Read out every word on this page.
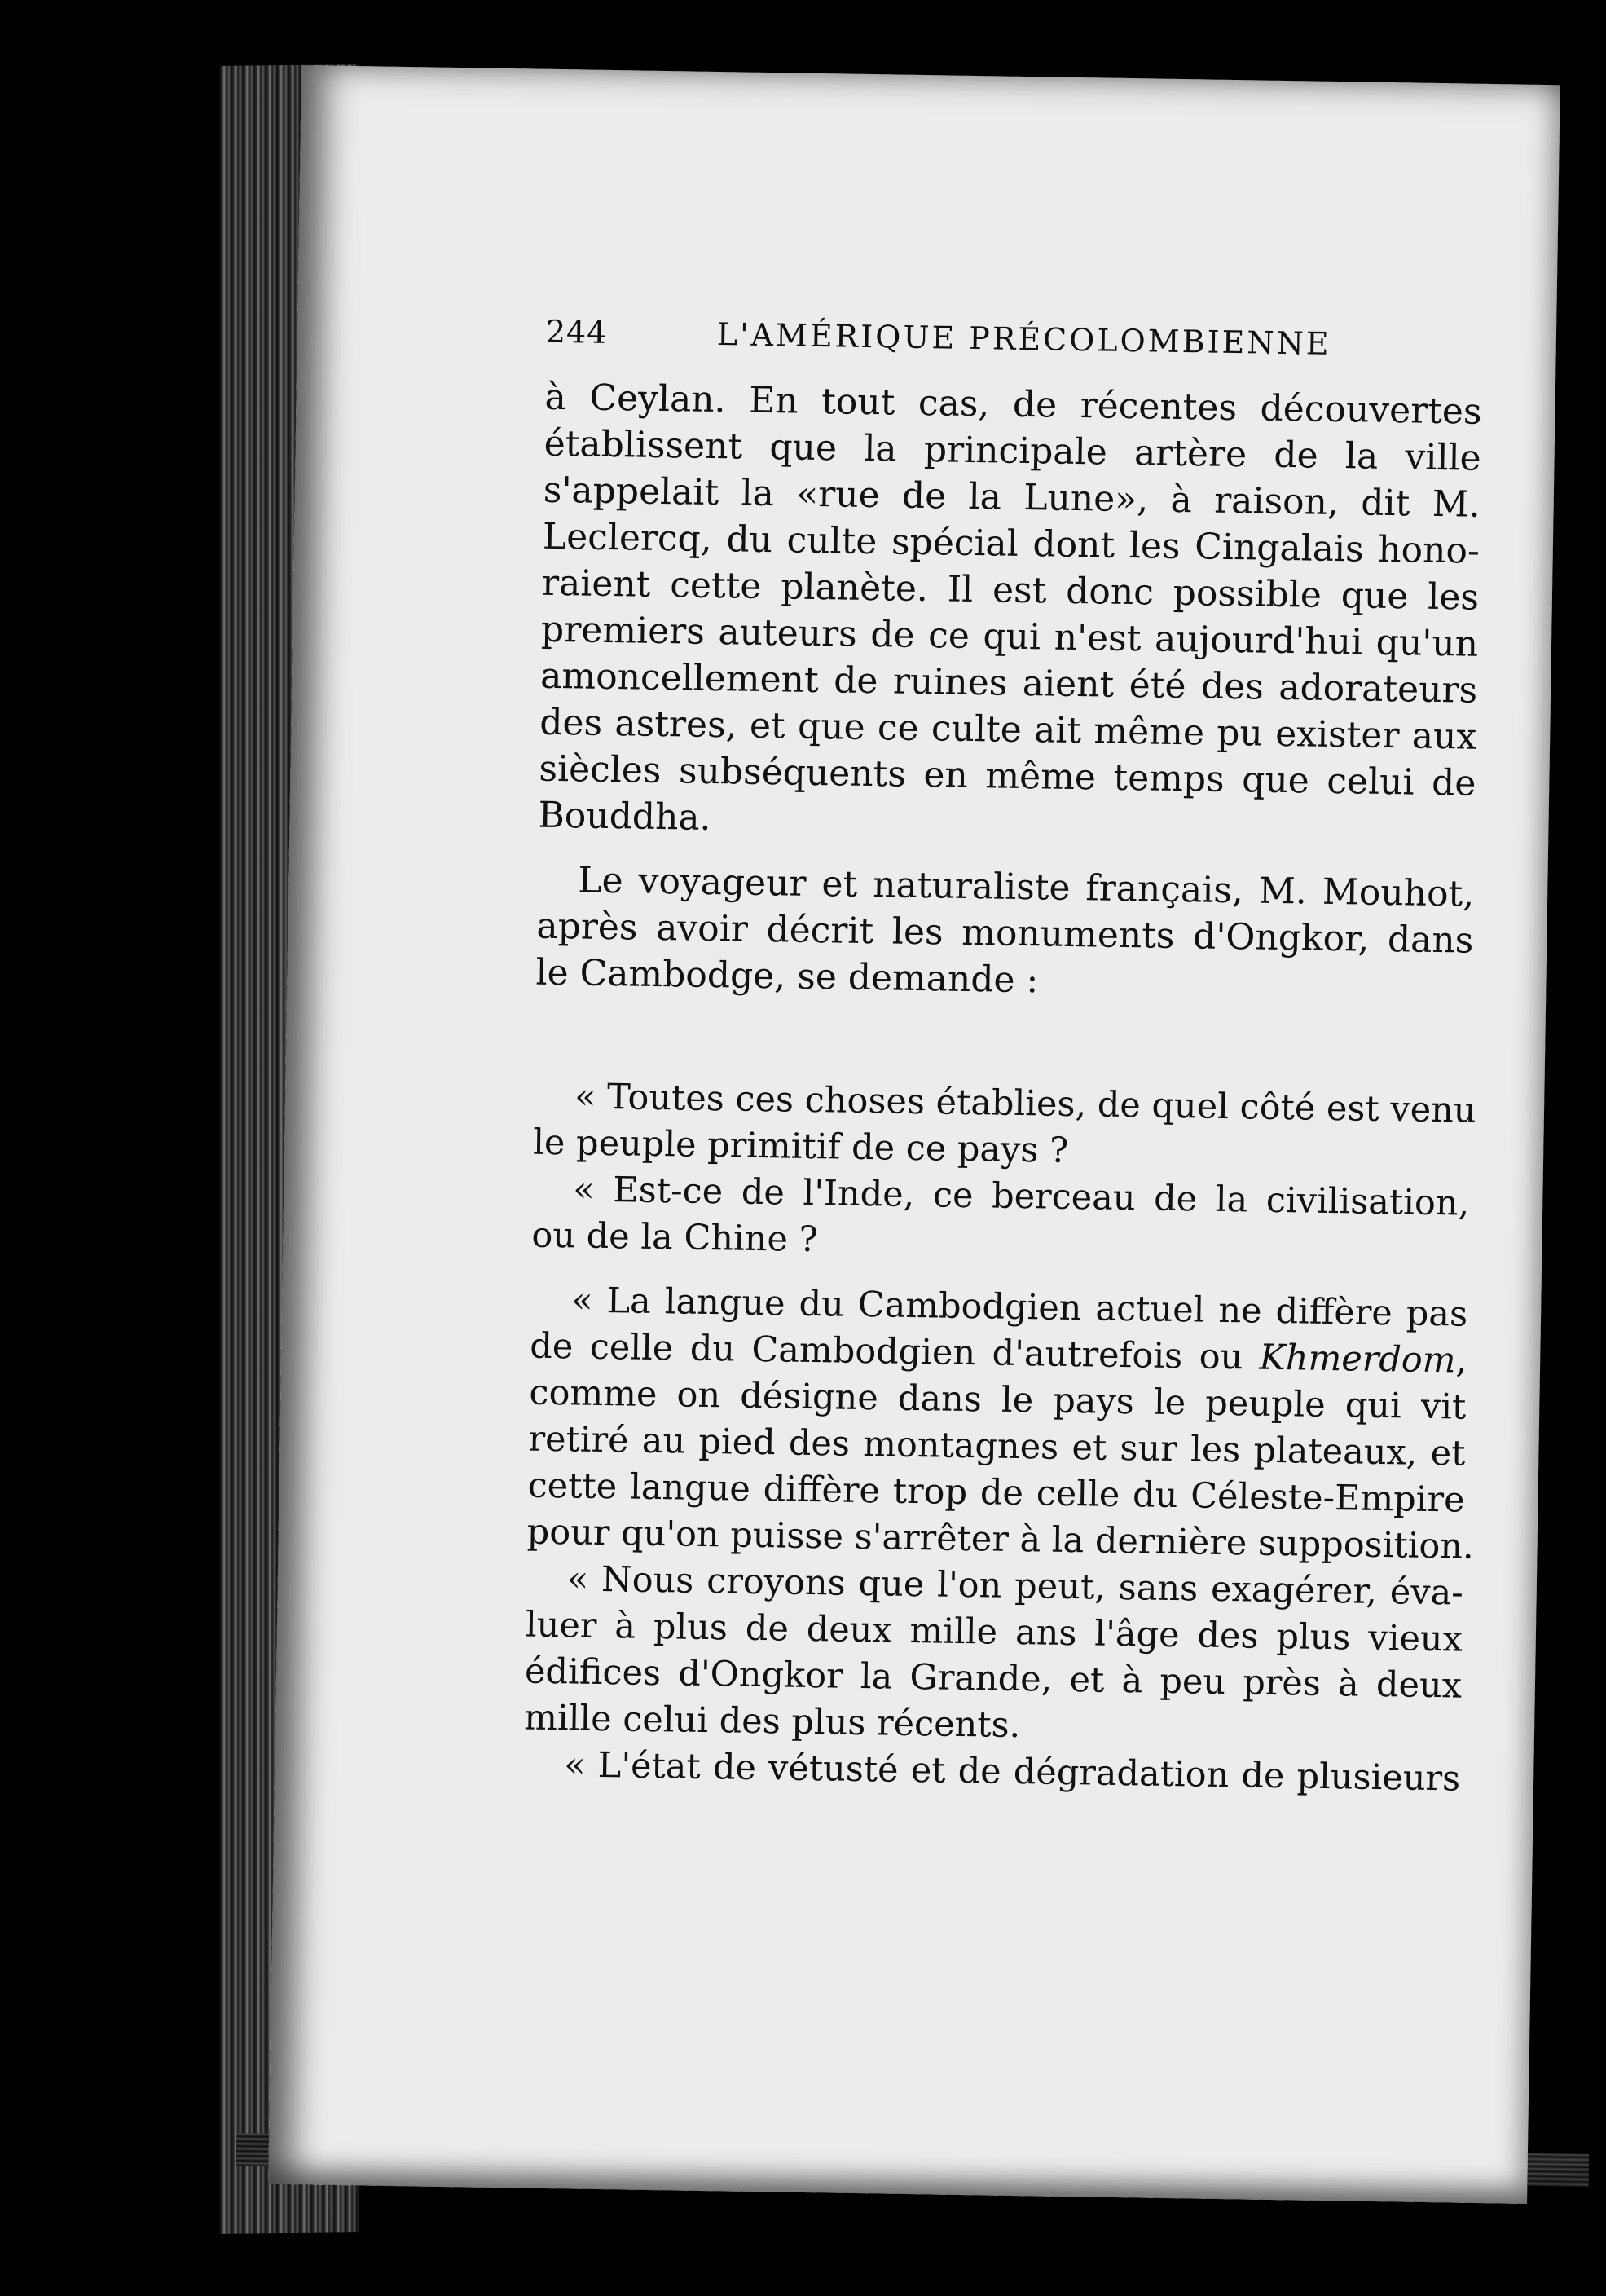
244	L'AMÉRIQUE PRÉCOLOMBIENNE
à Ceylan. En tout cas, de récentes découvertes
établissent que la principale artère de la ville
s'appelait la «rue de la Lune», à raison, dit M.
Leclercq, du culte spécial dont les Cingalais hono-
raient cette planète. Il est donc possible que les
premiers auteurs de ce qui n'est aujourd'hui qu'un
amoncellement de ruines aient été des adorateurs
des astres, et que ce culte ait même pu exister aux
siècles subséquents en même temps que celui de
Bouddha.
Le voyageur et naturaliste français, M. Mouhot,
après avoir décrit les monuments d'Ongkor, dans
le Cambodge, se demande :
« Toutes ces choses établies, de quel côté est venu
le peuple primitif de ce pays ?
« Est-ce de l'Inde, ce berceau de la civilisation,
ou de la Chine ?
« La langue du Cambodgien actuel ne diffère pas
de celle du Cambodgien d'autrefois ou Khmerdom,
comme on désigne dans le pays le peuple qui vit
retiré au pied des montagnes et sur les plateaux, et
cette langue diffère trop de celle du Céleste-Empire
pour qu'on puisse s'arrêter à la dernière supposition.
« Nous croyons que l'on peut, sans exagérer, éva-
luer à plus de deux mille ans l'âge des plus vieux
édifices d'Ongkor la Grande, et à peu près à deux
mille celui des plus récents.
« L'état de vétusté et de dégradation de plusieurs
